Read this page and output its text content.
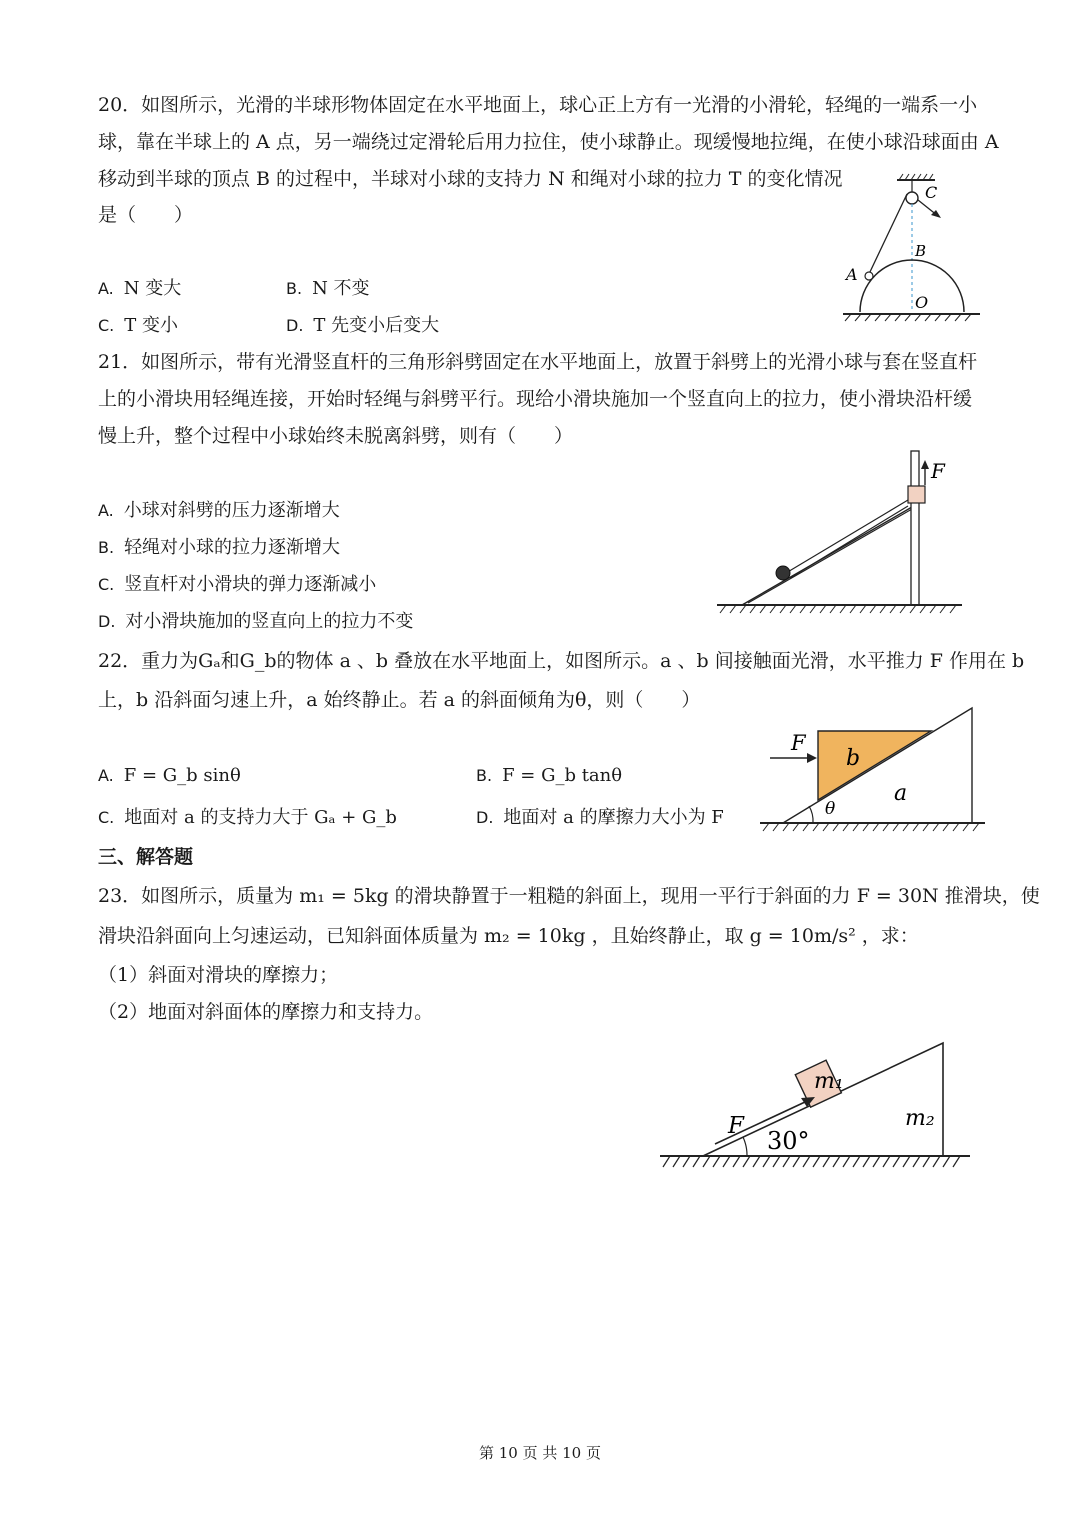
20．如图所示，光滑的半球形物体固定在水平地面上，球心正上方有一光滑的小滑轮，轻绳的一端系一小
球，靠在半球上的 A 点，另一端绕过定滑轮后用力拉住，使小球静止。现缓慢地拉绳，在使小球沿球面由 A
移动到半球的顶点 B 的过程中，半球对小球的支持力 N 和绳对小球的拉力 T 的变化情况
是（　　）
A. N 变大	B. N 不变
C. T 变小	D. T 先变小后变大
C
B
A
O
21．如图所示，带有光滑竖直杆的三角形斜劈固定在水平地面上，放置于斜劈上的光滑小球与套在竖直杆
上的小滑块用轻绳连接，开始时轻绳与斜劈平行。现给小滑块施加一个竖直向上的拉力，使小滑块沿杆缓
慢上升，整个过程中小球始终未脱离斜劈，则有（　　）
A. 小球对斜劈的压力逐渐增大
B. 轻绳对小球的拉力逐渐增大
C. 竖直杆对小滑块的弹力逐渐减小
D. 对小滑块施加的竖直向上的拉力不变
F
22．重力为Gₐ和G_b的物体 a 、b 叠放在水平地面上，如图所示。a 、b 间接触面光滑，水平推力 F 作用在 b
上，b 沿斜面匀速上升，a 始终静止。若 a 的斜面倾角为θ，则（　　）
A. F = G_b sinθ	B. F = G_b tanθ
C. 地面对 a 的支持力大于 Gₐ + G_b	D. 地面对 a 的摩擦力大小为 F
F
b
a
θ
三、解答题
23．如图所示，质量为 m₁ = 5kg 的滑块静置于一粗糙的斜面上，现用一平行于斜面的力 F = 30N 推滑块，使
滑块沿斜面向上匀速运动，已知斜面体质量为 m₂ = 10kg ，且始终静止，取 g = 10m/s² ，求：
（1）斜面对滑块的摩擦力；
（2）地面对斜面体的摩擦力和支持力。
F
30°
m₁
m₂
第 10 页 共 10 页
